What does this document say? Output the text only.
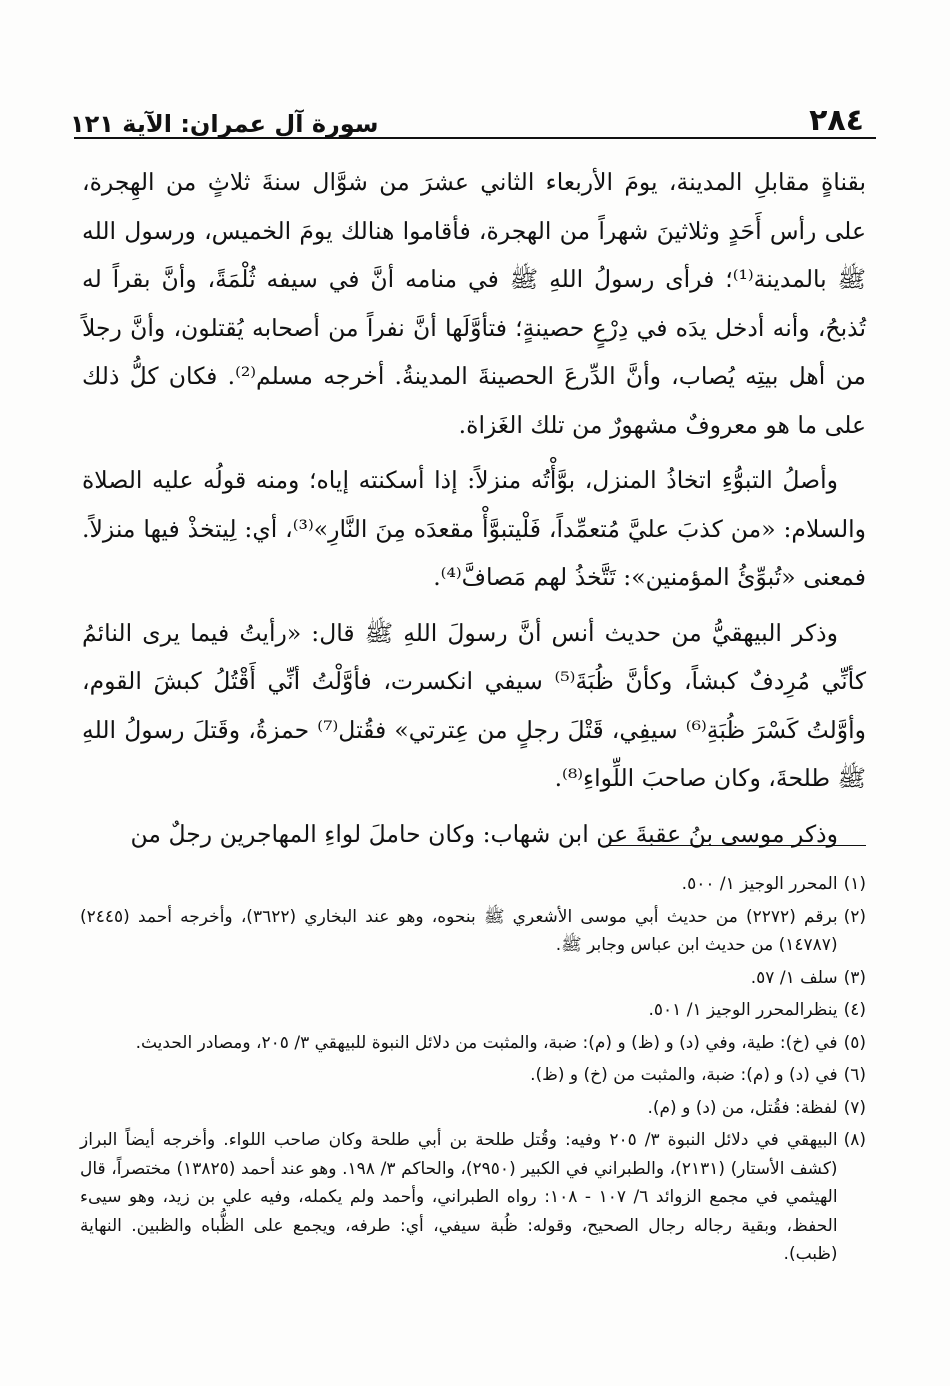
٢٨٤
سورة آل عمران: الآية ١٢١

بقناةٍ مقابلِ المدينة، يومَ الأربعاء الثاني عشرَ من شوَّال سنةَ ثلاثٍ من الهِجرة، على رأس أَحَدٍ وثلاثينَ شهراً من الهجرة، فأقاموا هنالك يومَ الخميس، ورسول الله ﷺ بالمدينة⁽¹⁾؛ فرأى رسولُ اللهِ ﷺ في منامه أنَّ في سيفه ثُلْمَةً، وأنَّ بقراً له تُذبحُ، وأنه أدخل يدَه في دِرْعٍ حصينةٍ؛ فتأوَّلَها أنَّ نفراً من أصحابه يُقتلون، وأنَّ رجلاً من أهل بيتِه يُصاب، وأنَّ الدِّرعَ الحصينةَ المدينةُ. أخرجه مسلم⁽²⁾. فكان كلُّ ذلك على ما هو معروفٌ مشهورٌ من تلك الغَزاة.

وأصلُ التبوُّءِ اتخاذُ المنزل، بوَّأْتُه منزلاً: إذا أسكنته إياه؛ ومنه قولُه عليه الصلاة والسلام: «من كذبَ عليَّ مُتعمِّداً، فَلْيتبوَّأْ مقعدَه مِنَ النَّارِ»⁽³⁾، أي: لِيتخذْ فيها منزلاً. فمعنى «تُبوِّئُ المؤمنين»: تَتَّخذُ لهم مَصافَّ⁽⁴⁾.

وذكر البيهقيُّ من حديث أنس أنَّ رسولَ اللهِ ﷺ قال: «رأيتُ فيما يرى النائمُ كأنِّي مُرِدفٌ كبشاً، وكأنَّ ظُبَةَ⁽⁵⁾ سيفي انكسرت، فأوَّلْتُ أنِّي أَقْتُلُ كبشَ القوم، وأوَّلتُ كَسْرَ ظُبَةِ⁽⁶⁾ سيفِي، قَتْلَ رجلٍ من عِترتي» فقُتل⁽⁷⁾ حمزةُ، وقَتلَ رسولُ اللهِ ﷺ طلحةَ، وكان صاحبَ اللِّواءِ⁽⁸⁾.

وذكر موسى بنُ عقبةَ عن ابن شهاب: وكان حاملَ لواءِ المهاجرين رجلٌ من

(١)
المحرر الوجيز ١/ ٥٠٠.
(٢)
برقم (٢٢٧٢) من حديث أبي موسى الأشعري ﷺ بنحوه، وهو عند البخاري (٣٦٢٢)، وأخرجه أحمد (٢٤٤٥) (١٤٧٨٧) من حديث ابن عباس وجابر ﷺ.
(٣)
سلف ١/ ٥٧.
(٤)
ينظرالمحرر الوجيز ١/ ٥٠١.
(٥)
في (خ): طية، وفي (د) و (ظ) و (م): ضبة، والمثبت من دلائل النبوة للبيهقي ٣/ ٢٠٥، ومصادر الحديث.
(٦)
في (د) و (م): ضبة، والمثبت من (خ) و (ظ).
(٧)
لفظة: فقُتل، من (د) و (م).
(٨)
البيهقي في دلائل النبوة ٣/ ٢٠٥ وفيه: وقُتل طلحة بن أبي طلحة وكان صاحب اللواء. وأخرجه أيضاً البراز (كشف الأستار) (٢١٣١)، والطبراني في الكبير (٢٩٥٠)، والحاكم ٣/ ١٩٨. وهو عند أحمد (١٣٨٢٥) مختصراً، قال الهيثمي في مجمع الزوائد ٦/ ١٠٧ - ١٠٨: رواه الطبراني، وأحمد ولم يكمله، وفيه علي بن زيد، وهو سيىء الحفظ، وبقية رجاله رجال الصحيح، وقوله: ظُبة سيفي، أي: طرفه، ويجمع على الظُّباه والظبين. النهاية (ظبب).
